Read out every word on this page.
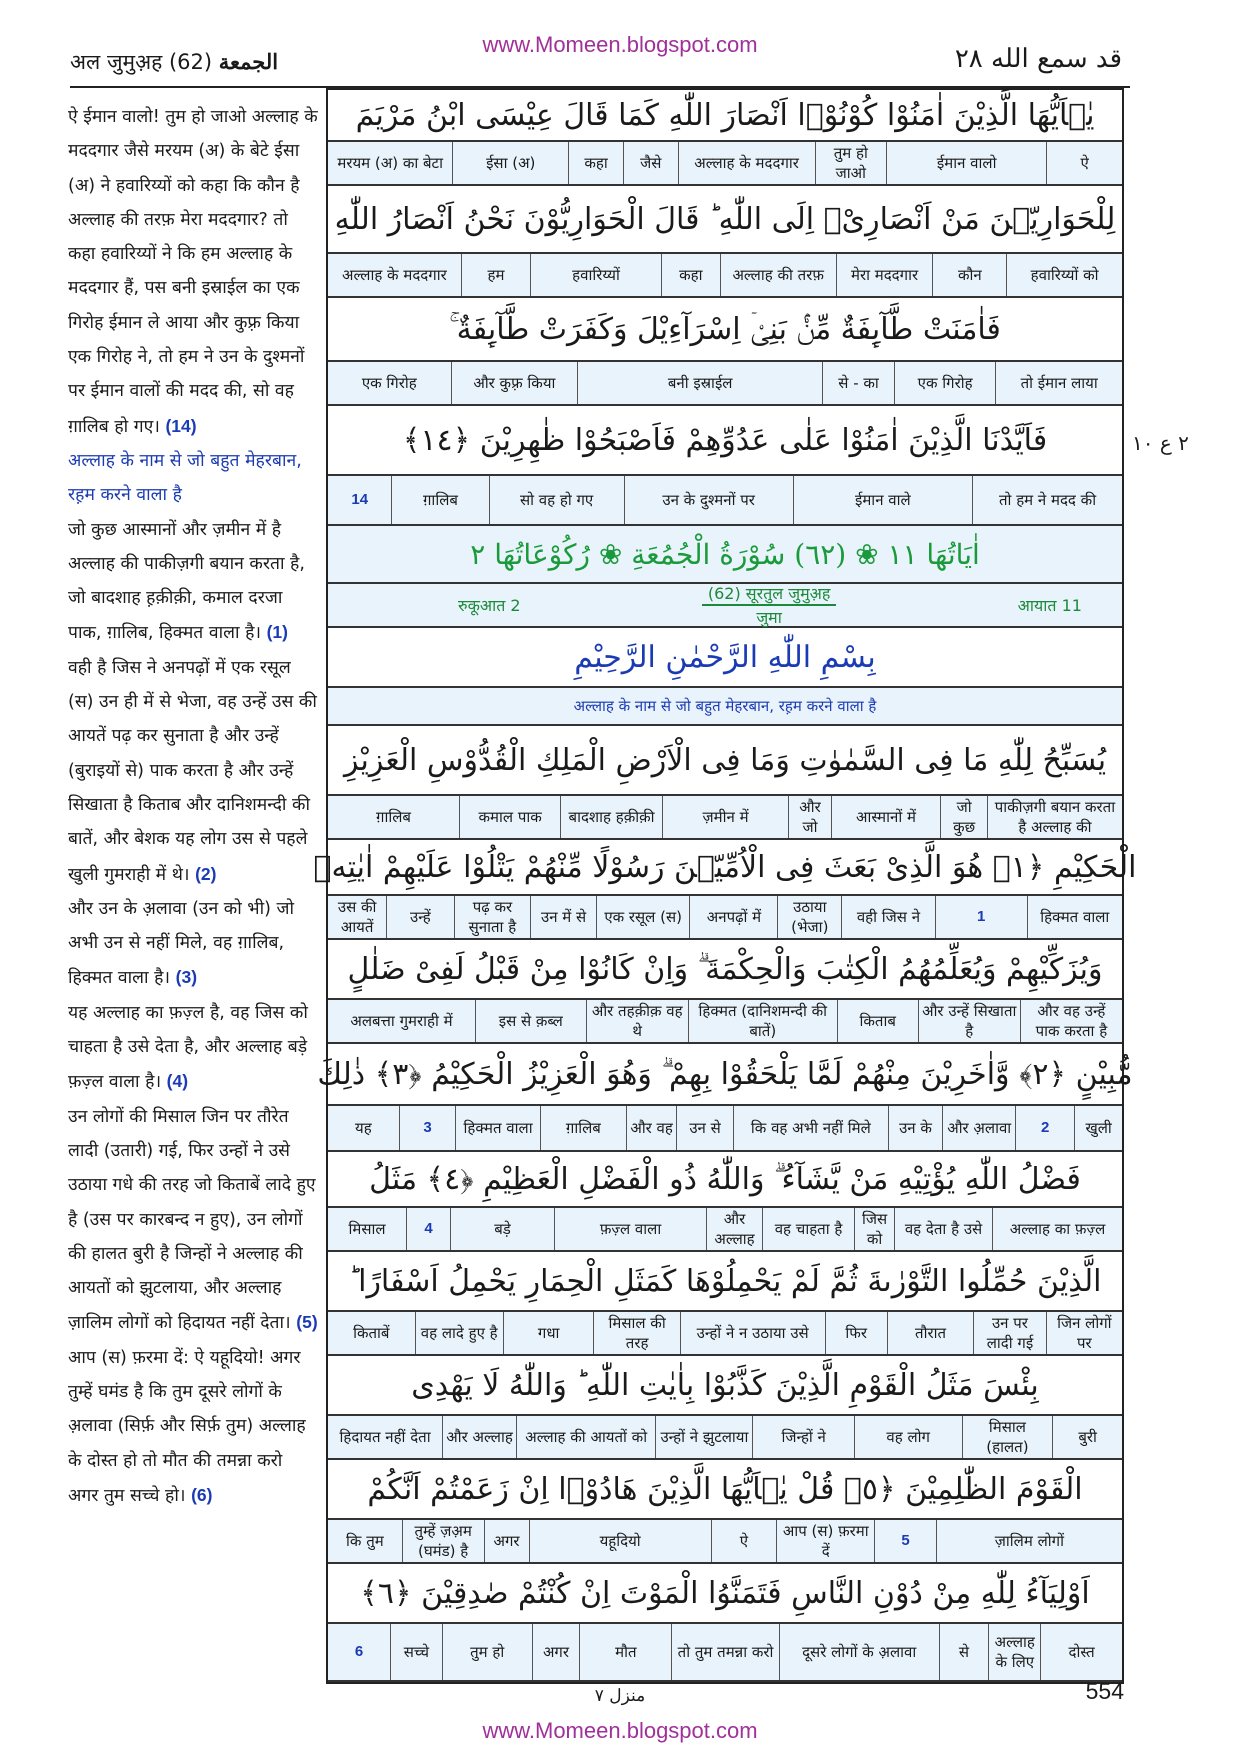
अल जुमुअ़ह (62) الجمعة
www.Momeen.blogspot.com	قد سمع الله ٢٨

ऐ ईमान वालो! तुम हो जाओ अल्लाह के मददगार जैसे मरयम (अ) के बेटे ईसा (अ) ने हवारिय्यों को कहा कि कौन है अल्लाह की तरफ़ मेरा मददगार? तो कहा हवारिय्यों ने कि हम अल्लाह के मददगार हैं, पस बनी इस्राईल का एक गिरोह ईमान ले आया और कुफ़्र किया एक गिरोह ने, तो हम ने उन के दुश्मनों पर ईमान वालों की मदद की, सो वह ग़ालिब हो गए। (14)

अल्लाह के नाम से जो बहुत मेहरबान, रह़म करने वाला है

जो कुछ आस्मानों और ज़मीन में है अल्लाह की पाकीज़गी बयान करता है, जो बादशाह ह़क़ीक़ी, कमाल दरजा पाक, ग़ालिब, हिक्मत वाला है। (1)

वही है जिस ने अनपढ़ों में एक रसूल (स) उन ही में से भेजा, वह उन्हें उस की आयतें पढ़ कर सुनाता है और उन्हें (बुराइयों से) पाक करता है और उन्हें सिखाता है किताब और दानिशमन्दी की बातें, और बेशक यह लोग उस से पहले खुली गुमराही में थे। (2)

और उन के अ़लावा (उन को भी) जो अभी उन से नहीं मिले, वह ग़ालिब, हिक्मत वाला है। (3)

यह अल्लाह का फ़ज़्ल है, वह जिस को चाहता है उसे देता है, और अल्लाह बड़े फ़ज़्ल वाला है। (4)

उन लोगों की मिसाल जिन पर तौरेत लादी (उतारी) गई, फिर उन्हों ने उसे उठाया गधे की तरह जो किताबें लादे हुए है (उस पर कारबन्द न हुए), उन लोगों की हालत बुरी है जिन्हों ने अल्लाह की आयतों को झुटलाया, और अल्लाह ज़ालिम लोगों को हिदायत नहीं देता। (5)

आप (स) फ़रमा दें: ऐ यहूदियो! अगर तुम्हें घमंड है कि तुम दूसरे लोगों के अ़लावा (सिर्फ़ और सिर्फ़ तुम) अल्लाह के दोस्त हो तो मौत की तमन्ना करो अगर तुम सच्चे हो। (6)

يٰۤاَيُّهَا الَّذِيْنَ اٰمَنُوْا كُوْنُوْۤا اَنْصَارَ اللّٰهِ كَمَا قَالَ عِيْسَى ابْنُ مَرْيَمَ
ऐ
ईमान वालो
तुम हो जाओ
अल्लाह के मददगार
जैसे
कहा
ईसा (अ)
मरयम (अ) का बेटा
لِلْحَوَارِيّٖنَ مَنْ اَنْصَارِىْۤ اِلَى اللّٰهِ ؕ قَالَ الْحَوَارِيُّوْنَ نَحْنُ اَنْصَارُ اللّٰهِ
हवारिय्यों को
कौन
मेरा मददगार
अल्लाह की तरफ़
कहा
हवारिय्यों
हम
अल्लाह के मददगार
فَاٰمَنَتْ طَّآىِٕفَةٌ مِّنْۢ بَنِىْۤ اِسْرَآءِيْلَ وَكَفَرَتْ طَّآىِٕفَةٌ ۚ
तो ईमान लाया
एक गिरोह
से - का
बनी इस्राईल
और कुफ़्र किया
एक गिरोह
فَاَيَّدْنَا الَّذِيْنَ اٰمَنُوْا عَلٰى عَدُوِّهِمْ فَاَصْبَحُوْا ظٰهِرِيْنَ ﴿١٤﴾
तो हम ने मदद की
ईमान वाले
उन के दुश्मनों पर
सो वह हो गए
ग़ालिब
14
اٰيَاتُهَا ١١ ❀ (٦٢) سُوْرَةُ الْجُمُعَةِ ❀ رُكُوْعَاتُهَا ٢
रुकूआत 2
(62) सूरतुल जुमुअ़ह
जुमा
आयात 11
بِسْمِ اللّٰهِ الرَّحْمٰنِ الرَّحِيْمِ
अल्लाह के नाम से जो बहुत मेहरबान, रह़म करने वाला है
يُسَبِّحُ لِلّٰهِ مَا فِى السَّمٰوٰتِ وَمَا فِى الْاَرْضِ الْمَلِكِ الْقُدُّوْسِ الْعَزِيْزِ
पाकीज़गी बयान करता है अल्लाह की
जो कुछ
आस्मानों में
और जो
ज़मीन में
बादशाह हक़ीक़ी
कमाल पाक
ग़ालिब
الْحَكِيْمِ ﴿١﴾ هُوَ الَّذِىْ بَعَثَ فِى الْاُمِّيّٖنَ رَسُوْلًا مِّنْهُمْ يَتْلُوْا عَلَيْهِمْ اٰيٰتِهٖ
हिक्मत वाला
1
वही जिस ने
उठाया (भेजा)
अनपढ़ों में
एक रसूल (स)
उन में से
पढ़ कर सुनाता है
उन्हें
उस की आयतें
وَيُزَكِّيْهِمْ وَيُعَلِّمُهُمُ الْكِتٰبَ وَالْحِكْمَةَ ۗ وَاِنْ كَانُوْا مِنْ قَبْلُ لَفِىْ ضَلٰلٍ
और वह उन्हें पाक करता है
और उन्हें सिखाता है
किताब
हिक्मत (दानिशमन्दी की बातें)
और तहक़ीक़ वह थे
इस से क़ब्ल
अलबत्ता गुमराही में
مُّبِيْنٍ ﴿٢﴾ وَّاٰخَرِيْنَ مِنْهُمْ لَمَّا يَلْحَقُوْا بِهِمْ ۗ وَهُوَ الْعَزِيْزُ الْحَكِيْمُ ﴿٣﴾ ذٰلِكَ
खुली
2
और अ़लावा
उन के
कि वह अभी नहीं मिले
उन से
और वह
ग़ालिब
हिक्मत वाला
3
यह
فَضْلُ اللّٰهِ يُؤْتِيْهِ مَنْ يَّشَآءُ ۗ وَاللّٰهُ ذُو الْفَضْلِ الْعَظِيْمِ ﴿٤﴾ مَثَلُ
अल्लाह का फ़ज़्ल
वह देता है उसे
जिस को
वह चाहता है
और अल्लाह
फ़ज़्ल वाला
बड़े
4
मिसाल
الَّذِيْنَ حُمِّلُوا التَّوْرٰىةَ ثُمَّ لَمْ يَحْمِلُوْهَا كَمَثَلِ الْحِمَارِ يَحْمِلُ اَسْفَارًا ؕ
जिन लोगों पर
उन पर लादी गई
तौरात
फिर
उन्हों ने न उठाया उसे
मिसाल की तरह
गधा
वह लादे हुए है
किताबें
بِئْسَ مَثَلُ الْقَوْمِ الَّذِيْنَ كَذَّبُوْا بِاٰيٰتِ اللّٰهِ ؕ وَاللّٰهُ لَا يَهْدِى
बुरी
मिसाल (हालत)
वह लोग
जिन्हों ने
उन्हों ने झुटलाया
अल्लाह की आयतों को
और अल्लाह
हिदायत नहीं देता
الْقَوْمَ الظّٰلِمِيْنَ ﴿٥﴾ قُلْ يٰۤاَيُّهَا الَّذِيْنَ هَادُوْۤا اِنْ زَعَمْتُمْ اَنَّكُمْ
ज़ालिम लोगों
5
आप (स) फ़रमा दें
ऐ
यहूदियो
अगर
तुम्हें ज़अ़म (घमंड) है
कि तुम
اَوْلِيَآءُ لِلّٰهِ مِنْ دُوْنِ النَّاسِ فَتَمَنَّوُا الْمَوْتَ اِنْ كُنْتُمْ صٰدِقِيْنَ ﴿٦﴾
दोस्त
अल्लाह के लिए
से
दूसरे लोगों के अ़लावा
तो तुम तमन्ना करो
मौत
अगर
तुम हो
सच्चे
6
٢ ع ١٠
منزل ٧	554
www.Momeen.blogspot.com
